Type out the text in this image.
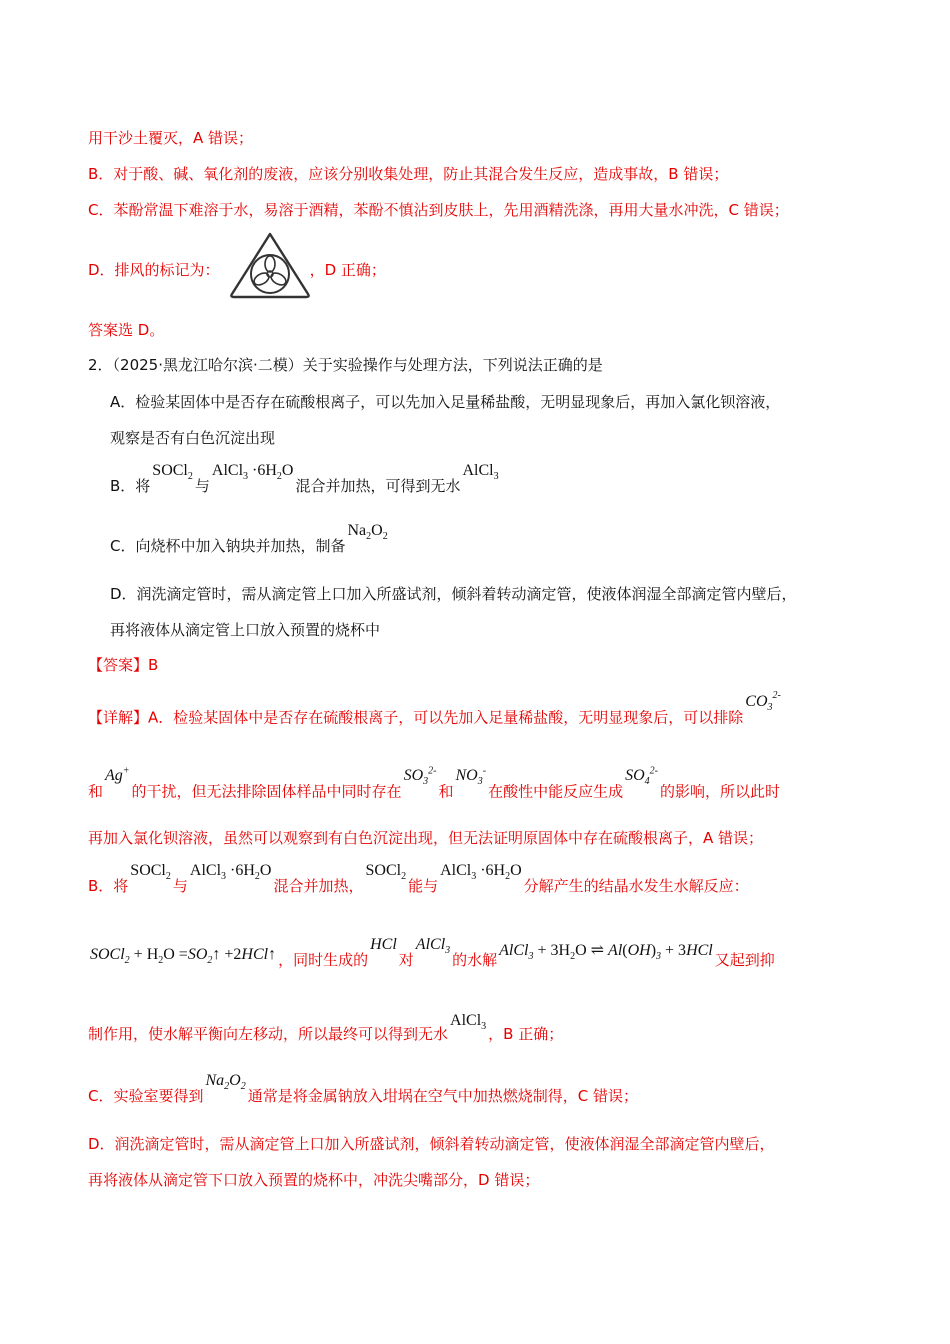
用干沙土覆灭，A 错误；
B．对于酸、碱、氧化剂的废液，应该分别收集处理，防止其混合发生反应，造成事故，B 错误；
C．苯酚常温下难溶于水，易溶于酒精，苯酚不慎沾到皮肤上，先用酒精洗涤，再用大量水冲洗，C 错误；
D．排风的标记为：	，D 正确；
答案选 D。
2．（2025·黑龙江哈尔滨·二模）关于实验操作与处理方法，下列说法正确的是
A．检验某固体中是否存在硫酸根离子，可以先加入足量稀盐酸，无明显现象后，再加入氯化钡溶液，
观察是否有白色沉淀出现
B．将SOCl$_2$与AlCl$_3$ $\cdot 6H_2O$混合并加热，可得到无水AlCl$_3$
C．向烧杯中加入钠块并加热，制备$Na_2O_2$
D．润洗滴定管时，需从滴定管上口加入所盛试剂，倾斜着转动滴定管，使液体润湿全部滴定管内壁后，
再将液体从滴定管上口放入预置的烧杯中
【答案】B
【详解】A．检验某固体中是否存在硫酸根离子，可以先加入足量稀盐酸，无明显现象后，可以排除$CO_3^{2-}$
和Ag+的干扰，但无法排除固体样品中同时存在$SO_3^{2-}$和$NO_3^-$在酸性中能反应生成$SO_4^{2-}$的影响，所以此时
再加入氯化钡溶液，虽然可以观察到有白色沉淀出现，但无法证明原固体中存在硫酸根离子，A 错误；
B．将SOCl$_2$与AlCl$_3$ $\cdot 6H_2O$混合并加热，SOCl$_2$能与AlCl$_3$ $\cdot 6H_2O$分解产生的结晶水发生水解反应：
SOCl$_2$ + $H_2O$ $=SO_2↑$ +2HCl↑ ，同时生成的HCl对AlCl$_3$的水解AlCl$_3$ + $3H_2O$ ⇌ $Al(OH)_3 + 3HCl$又起到抑
制作用，使水解平衡向左移动，所以最终可以得到无水AlCl$_3$ ，B 正确；
C．实验室要得到$Na_2O_2$通常是将金属钠放入坩埚在空气中加热燃烧制得，C 错误；
D．润洗滴定管时，需从滴定管上口加入所盛试剂，倾斜着转动滴定管，使液体润湿全部滴定管内壁后，
再将液体从滴定管下口放入预置的烧杯中，冲洗尖嘴部分，D 错误；
